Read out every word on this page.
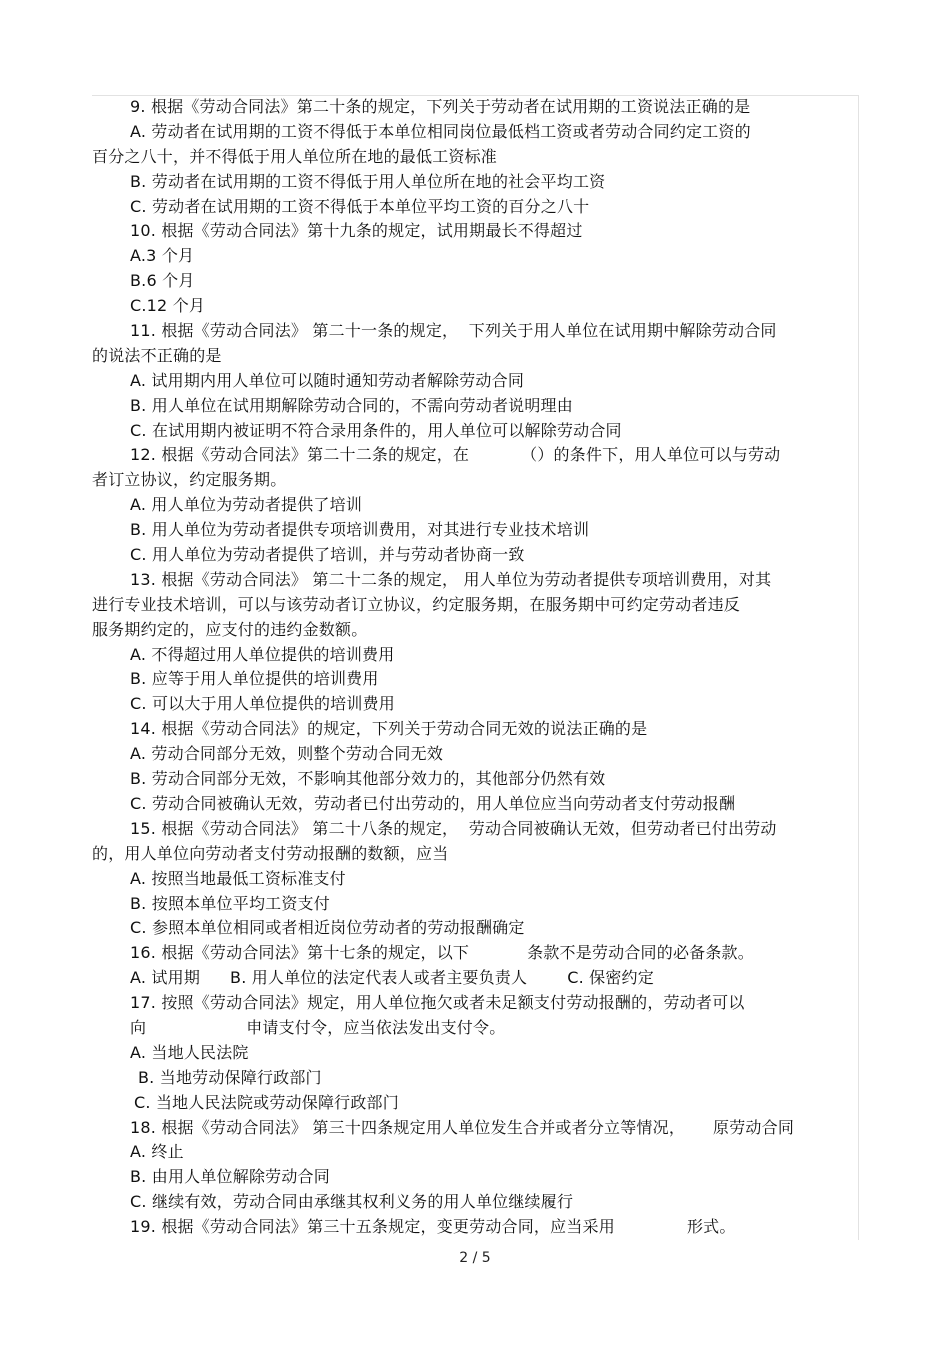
9. 根据《劳动合同法》第二十条的规定，下列关于劳动者在试用期的工资说法正确的是
A. 劳动者在试用期的工资不得低于本单位相同岗位最低档工资或者劳动合同约定工资的
百分之八十，并不得低于用人单位所在地的最低工资标准
B. 劳动者在试用期的工资不得低于用人单位所在地的社会平均工资
C. 劳动者在试用期的工资不得低于本单位平均工资的百分之八十
10. 根据《劳动合同法》第十九条的规定，试用期最长不得超过
A.3 个月
B.6 个月
C.12 个月
11. 根据《劳动合同法》 第二十一条的规定，  下列关于用人单位在试用期中解除劳动合同
的说法不正确的是
A. 试用期内用人单位可以随时通知劳动者解除劳动合同
B. 用人单位在试用期解除劳动合同的，不需向劳动者说明理由
C. 在试用期内被证明不符合录用条件的，用人单位可以解除劳动合同
12. 根据《劳动合同法》第二十二条的规定，在	（）的条件下，用人单位可以与劳动
者订立协议，约定服务期。
A. 用人单位为劳动者提供了培训
B. 用人单位为劳动者提供专项培训费用，对其进行专业技术培训
C. 用人单位为劳动者提供了培训，并与劳动者协商一致
13. 根据《劳动合同法》 第二十二条的规定， 用人单位为劳动者提供专项培训费用，对其
进行专业技术培训，可以与该劳动者订立协议，约定服务期，在服务期中可约定劳动者违反
服务期约定的，应支付的违约金数额。
A. 不得超过用人单位提供的培训费用
B. 应等于用人单位提供的培训费用
C. 可以大于用人单位提供的培训费用
14. 根据《劳动合同法》的规定，下列关于劳动合同无效的说法正确的是
A. 劳动合同部分无效，则整个劳动合同无效
B. 劳动合同部分无效，不影响其他部分效力的，其他部分仍然有效
C. 劳动合同被确认无效，劳动者已付出劳动的，用人单位应当向劳动者支付劳动报酬
15. 根据《劳动合同法》 第二十八条的规定，  劳动合同被确认无效，但劳动者已付出劳动
的，用人单位向劳动者支付劳动报酬的数额，应当
A. 按照当地最低工资标准支付
B. 按照本单位平均工资支付
C. 参照本单位相同或者相近岗位劳动者的劳动报酬确定
16. 根据《劳动合同法》第十七条的规定，以下	条款不是劳动合同的必备条款。
A. 试用期 B. 用人单位的法定代表人或者主要负责人	C. 保密约定
17. 按照《劳动合同法》规定，用人单位拖欠或者未足额支付劳动报酬的，劳动者可以
向	申请支付令，应当依法发出支付令。
A. 当地人民法院
B. 当地劳动保障行政部门
C. 当地人民法院或劳动保障行政部门
18. 根据《劳动合同法》 第三十四条规定用人单位发生合并或者分立等情况， 原劳动合同
A. 终止
B. 由用人单位解除劳动合同
C. 继续有效，劳动合同由承继其权利义务的用人单位继续履行
19. 根据《劳动合同法》第三十五条规定，变更劳动合同，应当采用	形式。
2 / 5
